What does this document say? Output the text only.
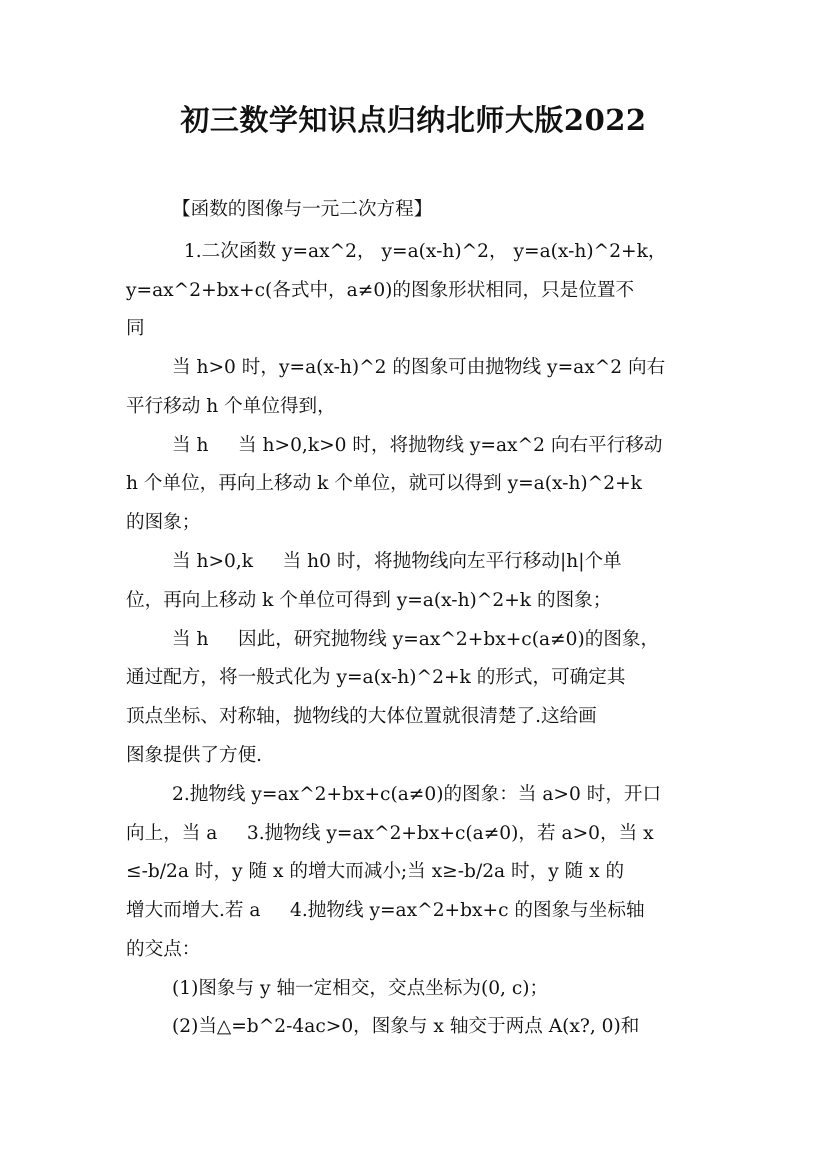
初三数学知识点归纳北师大版2022

【函数的图像与一元二次方程】

1.二次函数 y=ax^2， y=a(x-h)^2， y=a(x-h)^2+k，

y=ax^2+bx+c(各式中，a≠0)的图象形状相同，只是位置不

同

当 h>0 时，y=a(x-h)^2 的图象可由抛物线 y=ax^2 向右

平行移动 h 个单位得到，

当 h     当 h>0,k>0 时，将抛物线 y=ax^2 向右平行移动

h 个单位，再向上移动 k 个单位，就可以得到 y=a(x-h)^2+k

的图象；

当 h>0,k     当 h0 时，将抛物线向左平行移动|h|个单

位，再向上移动 k 个单位可得到 y=a(x-h)^2+k 的图象；

当 h     因此，研究抛物线 y=ax^2+bx+c(a≠0)的图象，

通过配方，将一般式化为 y=a(x-h)^2+k 的形式，可确定其

顶点坐标、对称轴，抛物线的大体位置就很清楚了.这给画

图象提供了方便.

2.抛物线 y=ax^2+bx+c(a≠0)的图象：当 a>0 时，开口

向上，当 a     3.抛物线 y=ax^2+bx+c(a≠0)，若 a>0，当 x

≤-b/2a 时，y 随 x 的增大而减小;当 x≥-b/2a 时，y 随 x 的

增大而增大.若 a     4.抛物线 y=ax^2+bx+c 的图象与坐标轴

的交点：

(1)图象与 y 轴一定相交，交点坐标为(0, c)；

(2)当△=b^2-4ac>0，图象与 x 轴交于两点 A(x?, 0)和
